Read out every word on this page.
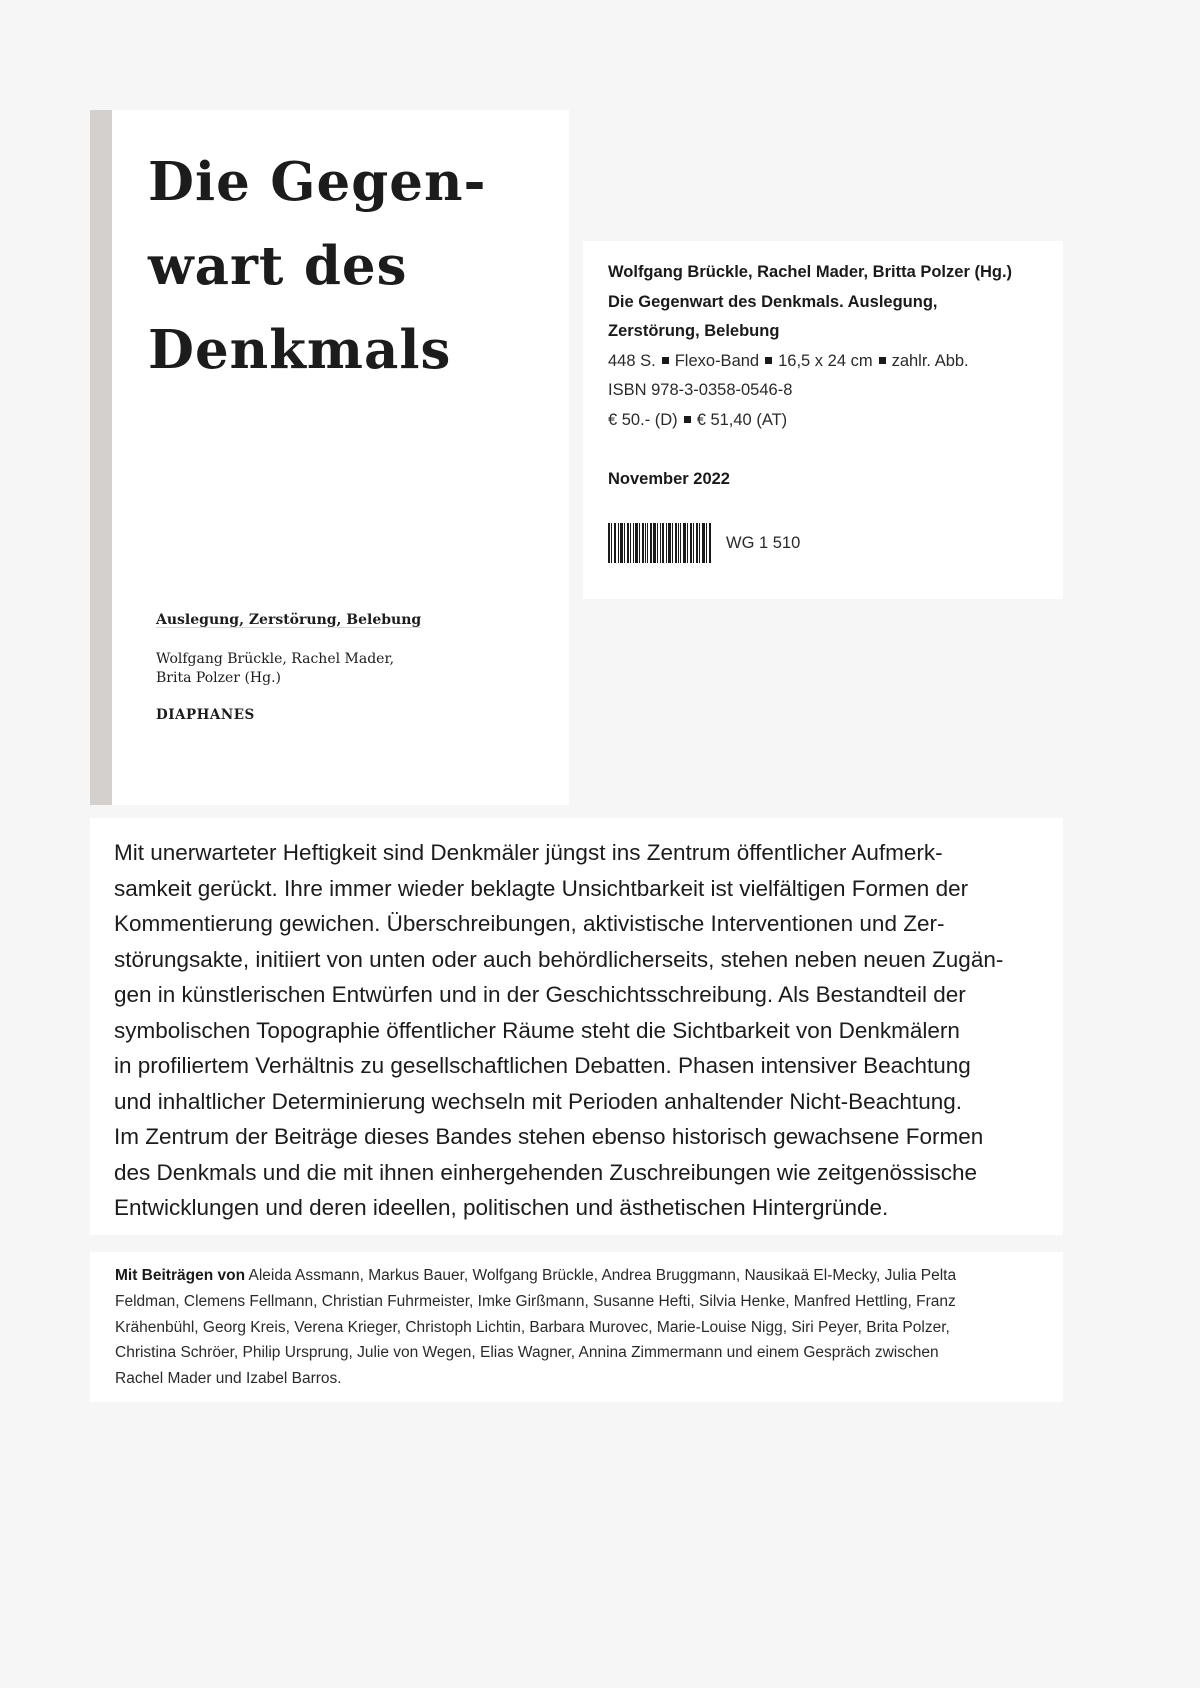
Die Gegen-
wart des
Denkmals
Auslegung, Zerstörung, Belebung
Wolfgang Brückle, Rachel Mader,
Brita Polzer (Hg.)
DIAPHANES
Wolfgang Brückle, Rachel Mader, Britta Polzer (Hg.)
Die Gegenwart des Denkmals. Auslegung,
Zerstörung, Belebung
448 S. Flexo-Band 16,5 x 24 cm zahlr. Abb.
ISBN 978-3-0358-0546-8
€ 50.- (D) € 51,40 (AT)
November 2022
WG 1 510

Mit unerwarteter Heftigkeit sind Denkmäler jüngst ins Zentrum öffentlicher Aufmerk-
samkeit gerückt. Ihre immer wieder beklagte Unsichtbarkeit ist vielfältigen Formen der
Kommentierung gewichen. Überschreibungen, aktivistische Interventionen und Zer-
störungsakte, initiiert von unten oder auch behördlicherseits, stehen neben neuen Zugän-
gen in künstlerischen Entwürfen und in der Geschichtsschreibung. Als Bestandteil der
symbolischen Topographie öffentlicher Räume steht die Sichtbarkeit von Denkmälern
in profiliertem Verhältnis zu gesellschaftlichen Debatten. Phasen intensiver Beachtung
und inhaltlicher Determinierung wechseln mit Perioden anhaltender Nicht-Beachtung.
Im Zentrum der Beiträge dieses Bandes stehen ebenso historisch gewachsene Formen
des Denkmals und die mit ihnen einhergehenden Zuschreibungen wie zeitgenössische
Entwicklungen und deren ideellen, politischen und ästhetischen Hintergründe.

Mit Beiträgen von Aleida Assmann, Markus Bauer, Wolfgang Brückle, Andrea Bruggmann, Nausikaä El-Mecky, Julia Pelta
Feldman, Clemens Fellmann, Christian Fuhrmeister, Imke Girßmann, Susanne Hefti, Silvia Henke, Manfred Hettling, Franz
Krähenbühl, Georg Kreis, Verena Krieger, Christoph Lichtin, Barbara Murovec, Marie-Louise Nigg, Siri Peyer, Brita Polzer,
Christina Schröer, Philip Ursprung, Julie von Wegen, Elias Wagner, Annina Zimmermann und einem Gespräch zwischen
Rachel Mader und Izabel Barros.
